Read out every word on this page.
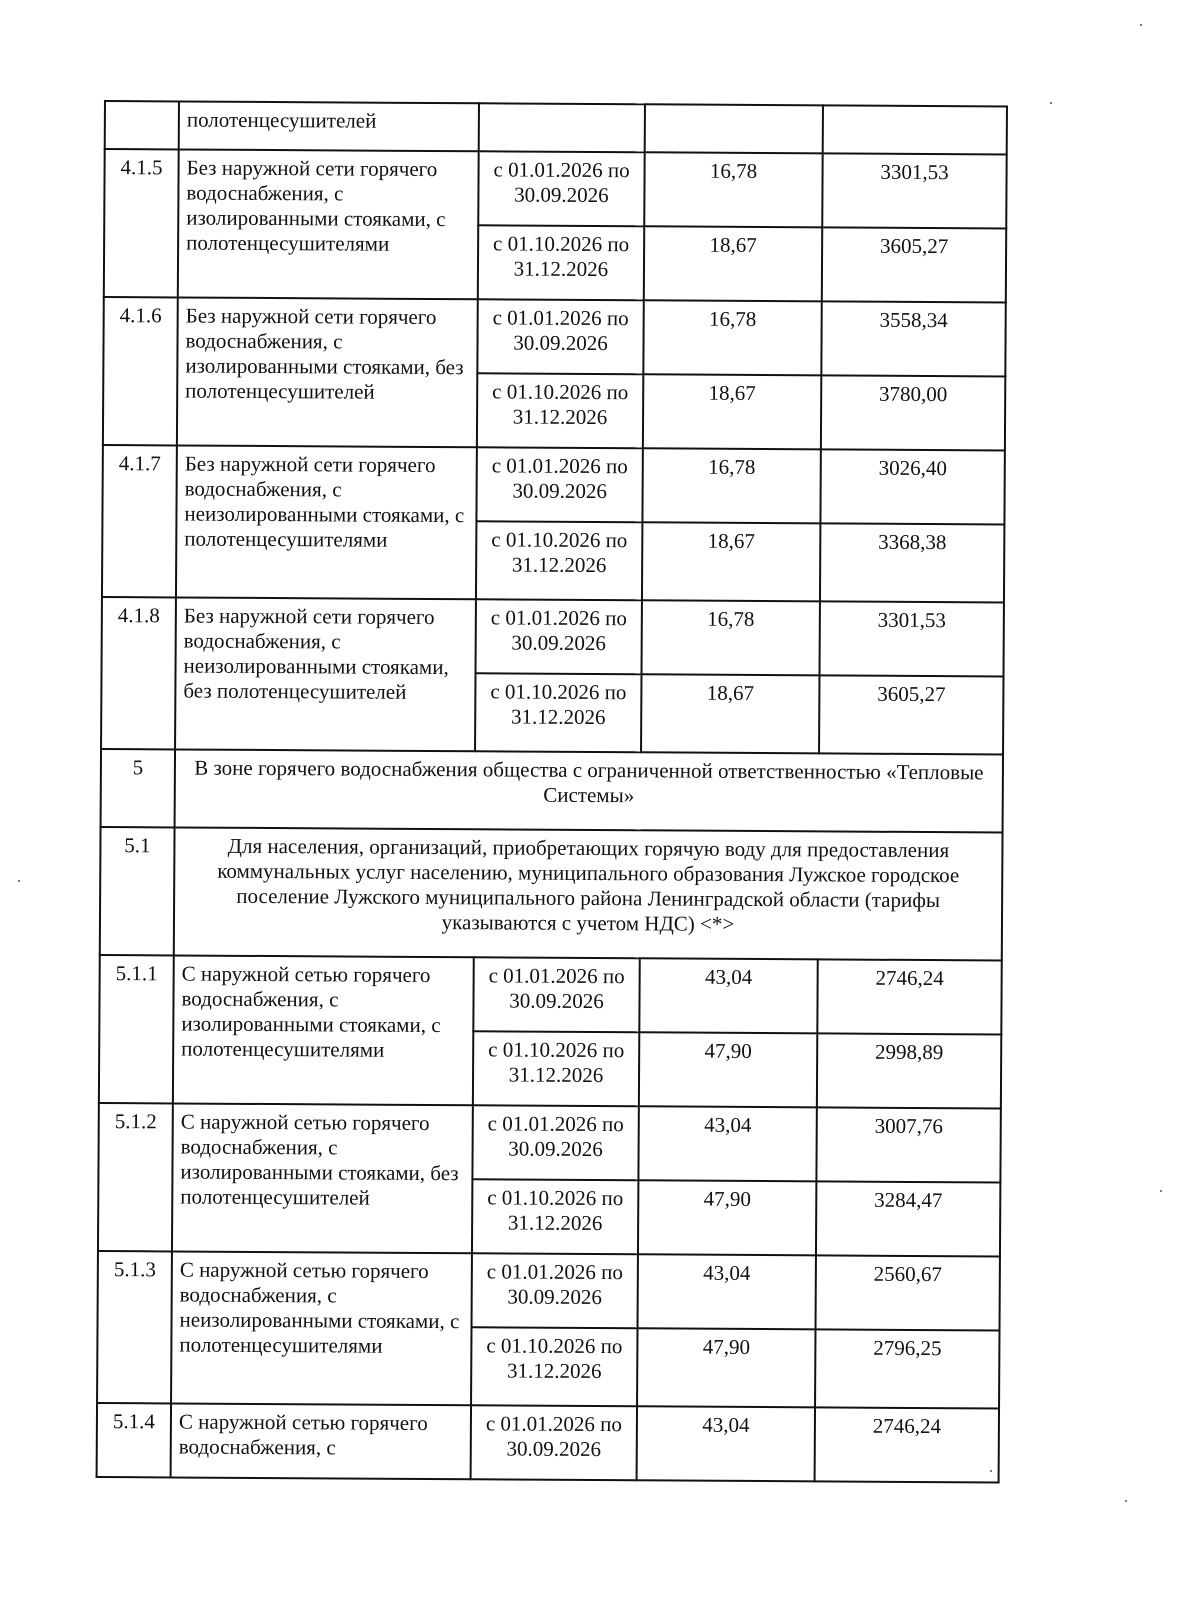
	полотенцесушителей			
4.1.5	Без наружной сети горячего водоснабжения, с изолированными стояками, с полотенцесушителями	с 01.01.2026 по 30.09.2026	16,78	3301,53
		с 01.10.2026 по 31.12.2026	18,67	3605,27
4.1.6	Без наружной сети горячего водоснабжения, с изолированными стояками, без полотенцесушителей	с 01.01.2026 по 30.09.2026	16,78	3558,34
		с 01.10.2026 по 31.12.2026	18,67	3780,00
4.1.7	Без наружной сети горячего водоснабжения, с неизолированными стояками, с полотенцесушителями	с 01.01.2026 по 30.09.2026	16,78	3026,40
		с 01.10.2026 по 31.12.2026	18,67	3368,38
4.1.8	Без наружной сети горячего водоснабжения, с неизолированными стояками, без полотенцесушителей	с 01.01.2026 по 30.09.2026	16,78	3301,53
		с 01.10.2026 по 31.12.2026	18,67	3605,27
5	В зоне горячего водоснабжения общества с ограниченной ответственностью «Тепловые Системы»			
5.1	Для населения, организаций, приобретающих горячую воду для предоставления коммунальных услуг населению, муниципального образования Лужское городское поселение Лужского муниципального района Ленинградской области (тарифы указываются с учетом НДС) <*>			
5.1.1	С наружной сетью горячего водоснабжения, с изолированными стояками, с полотенцесушителями	с 01.01.2026 по 30.09.2026	43,04	2746,24
		с 01.10.2026 по 31.12.2026	47,90	2998,89
5.1.2	С наружной сетью горячего водоснабжения, с изолированными стояками, без полотенцесушителей	с 01.01.2026 по 30.09.2026	43,04	3007,76
		с 01.10.2026 по 31.12.2026	47,90	3284,47
5.1.3	С наружной сетью горячего водоснабжения, с неизолированными стояками, с полотенцесушителями	с 01.01.2026 по 30.09.2026	43,04	2560,67
		с 01.10.2026 по 31.12.2026	47,90	2796,25
5.1.4	С наружной сетью горячего водоснабжения, с	с 01.01.2026 по 30.09.2026	43,04	2746,24
